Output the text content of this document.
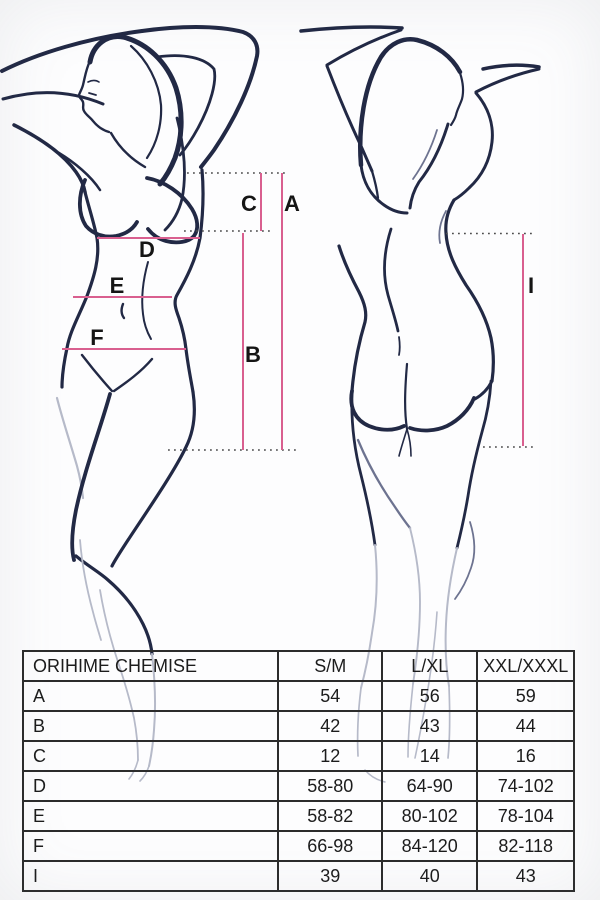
C A
D
E
F
B
I
ORIHIME CHEMISE	S/M	L/XL	XXL/XXXL
A	54	56	59
B	42	43	44
C	12	14	16
D	58-80	64-90	74-102
E	58-82	80-102	78-104
F	66-98	84-120	82-118
I	39	40	43
